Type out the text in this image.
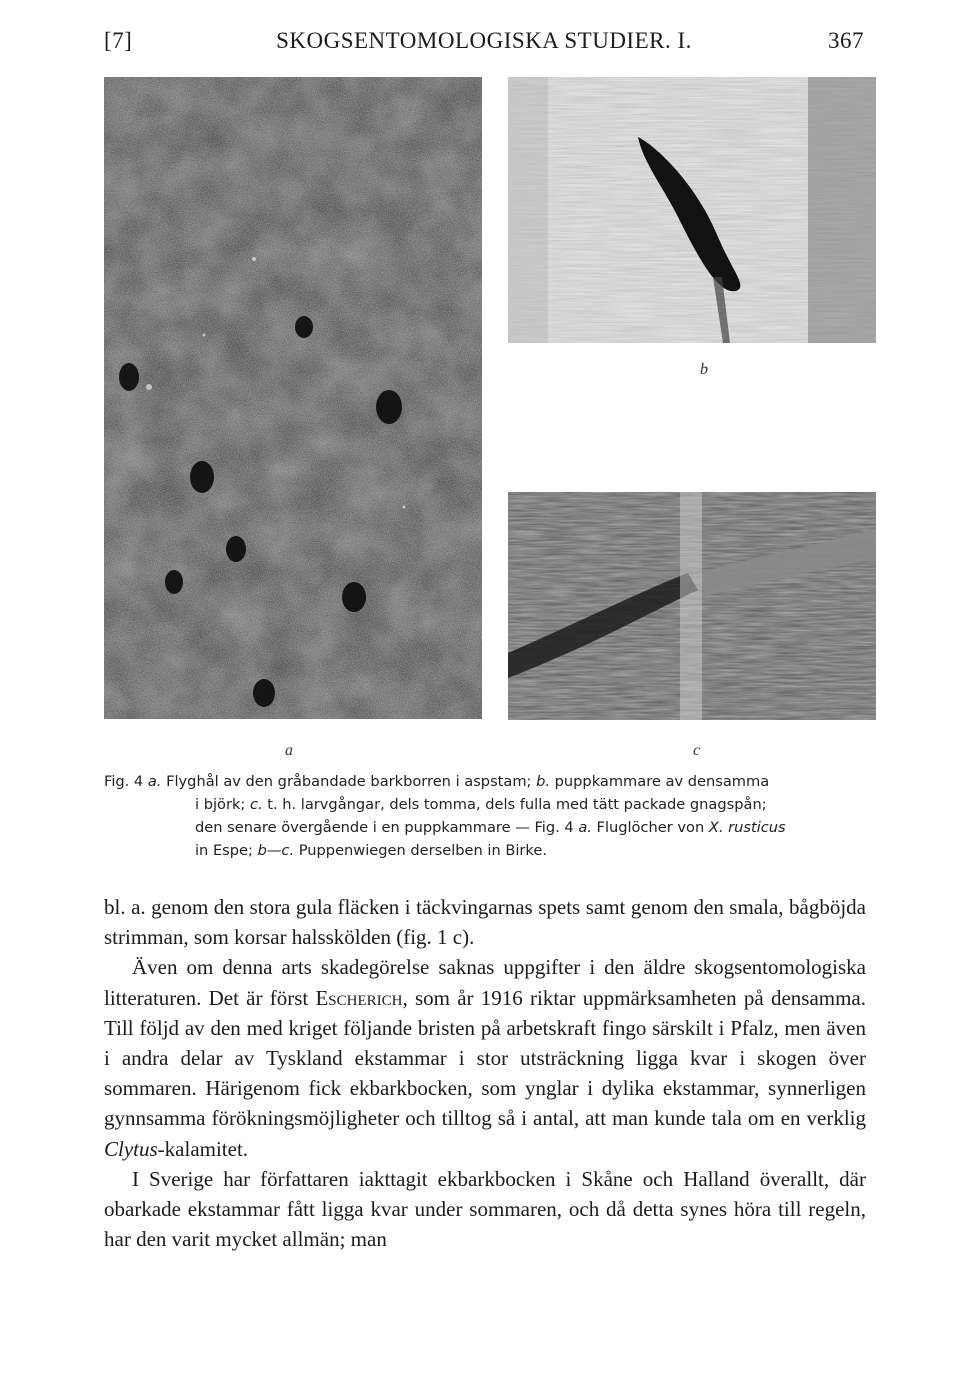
[7]	SKOGSENTOMOLOGISKA STUDIER. I.	367
a
b
c

Fig. 4 a. Flyghål av den gråbandade barkborren i aspstam; b. puppkammare av densamma

i björk; c. t. h. larvgångar, dels tomma, dels fulla med tätt packade gnagspån;

den senare övergående i en puppkammare — Fig. 4 a. Fluglöcher von X. rusticus

in Espe; b—c. Puppenwiegen derselben in Birke.

bl. a. genom den stora gula fläcken i täckvingarnas spets samt genom den smala, bågböjda strimman, som korsar halsskölden (fig. 1 c).

Även om denna arts skadegörelse saknas uppgifter i den äldre skogsentomologiska litteraturen. Det är först Escherich, som år 1916 riktar uppmärksamheten på densamma. Till följd av den med kriget följande bristen på arbetskraft fingo särskilt i Pfalz, men även i andra delar av Tyskland ekstammar i stor utsträckning ligga kvar i skogen över sommaren. Härigenom fick ekbarkbocken, som ynglar i dylika ekstammar, synnerligen gynnsamma förökningsmöjligheter och tilltog så i antal, att man kunde tala om en verklig Clytus-kalamitet.

I Sverige har författaren iakttagit ekbarkbocken i Skåne och Halland överallt, där obarkade ekstammar fått ligga kvar under sommaren, och då detta synes höra till regeln, har den varit mycket allmän; man
